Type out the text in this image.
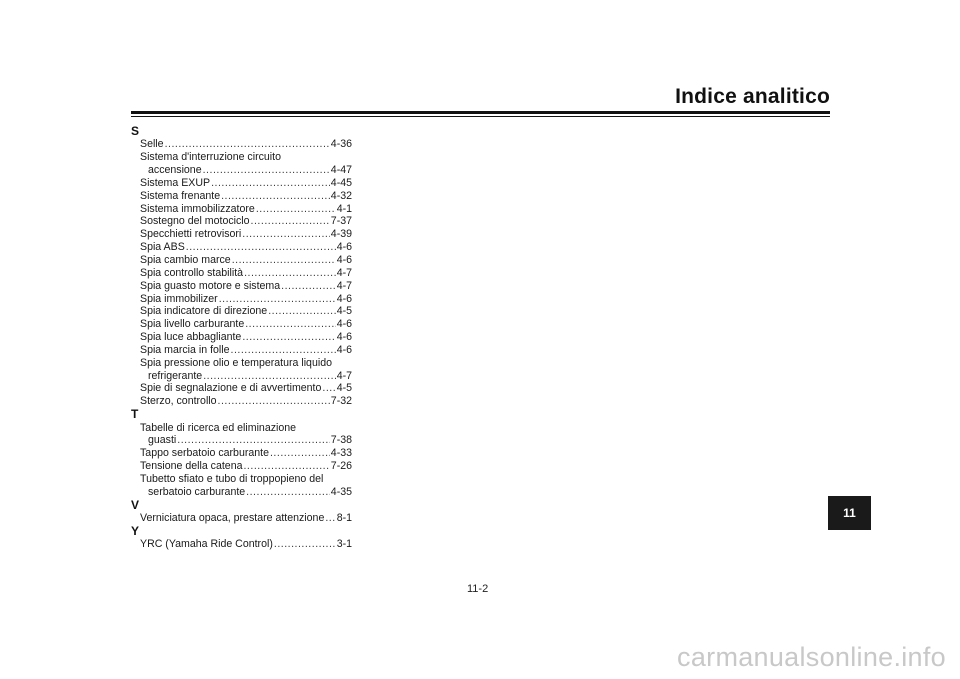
Indice analitico
S
Selle .....	4-36
Sistema d'interruzione circuito
accensione .....	4-47
Sistema EXUP .....	4-45
Sistema frenante .....	4-32
Sistema immobilizzatore .....	4-1
Sostegno del motociclo .....	7-37
Specchietti retrovisori .....	4-39
Spia ABS .....	4-6
Spia cambio marce .....	4-6
Spia controllo stabilità .....	4-7
Spia guasto motore e sistema .....	4-7
Spia immobilizer .....	4-6
Spia indicatore di direzione .....	4-5
Spia livello carburante .....	4-6
Spia luce abbagliante .....	4-6
Spia marcia in folle .....	4-6
Spia pressione olio e temperatura liquido
refrigerante .....	4-7
Spie di segnalazione e di avvertimento ..... 4-5
Sterzo, controllo .....	7-32
T
Tabelle di ricerca ed eliminazione
guasti .....	7-38
Tappo serbatoio carburante .....	4-33
Tensione della catena .....	7-26
Tubetto sfiato e tubo di troppopieno del
serbatoio carburante .....	4-35
V
Verniciatura opaca, prestare attenzione ..... 8-1
Y
YRC (Yamaha Ride Control) .....	3-1
11
11-2
carmanualsonline.info
